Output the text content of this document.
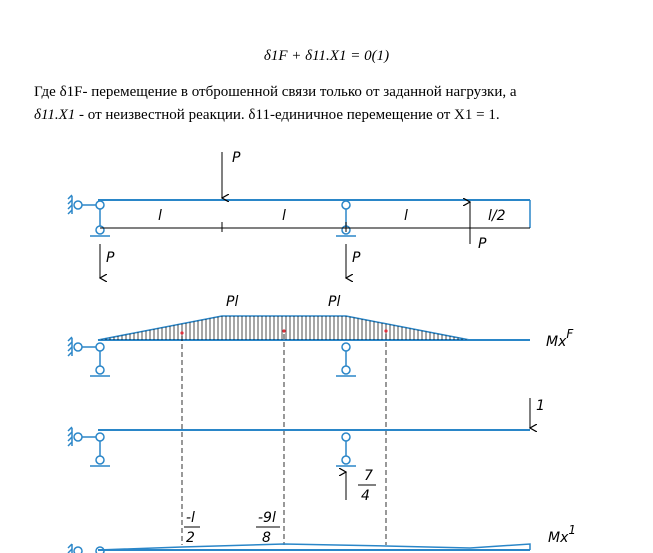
δ1F + δ11.X1 = 0(1)
Где δ1F- перемещение в отброшенной связи только от заданной нагрузки, а
δ11.X1 - от неизвестной реакции. δ11-единичное перемещение от X1 = 1.
l	l	l	l/2
P
P
P	P
Pl	Pl
MxF
1
7
4
-l
2
-9l
8	Mx1
